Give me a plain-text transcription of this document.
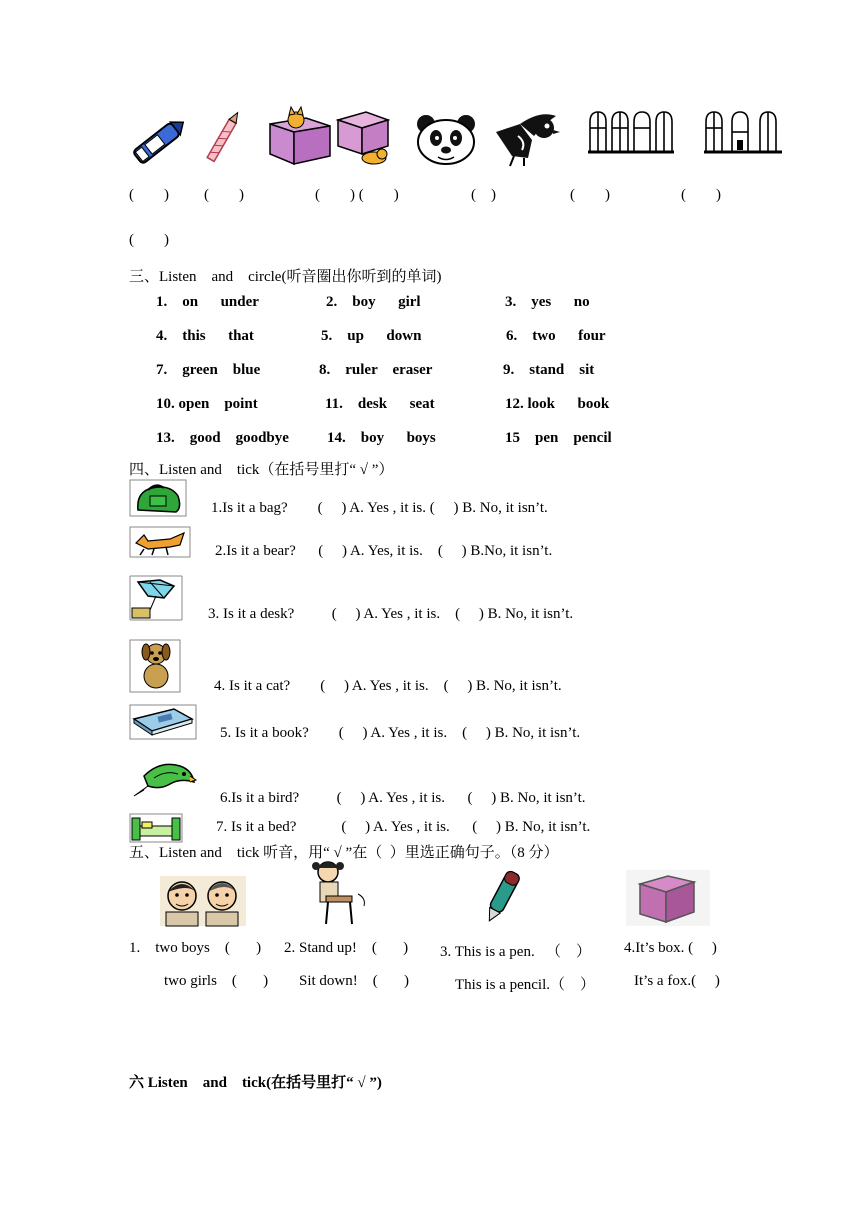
(        ) (        )	(        ) (        )	(    )	(        )	(        )
(        )
三、Listen    and    circle(听音圈出你听到的单词)
1.    on      under	2.    boy      girl	3.    yes      no
4.    this      that	5.    up      down	6.    two      four
7.    green    blue	8.    ruler    eraser	9.    stand    sit
10. open    point	11.    desk      seat	12. look      book
13.    good    goodbye	14.    boy      boys	15    pen    pencil
四、Listen and    tick（在括号里打“ √ ”）
1.Is it a bag?        (     ) A. Yes , it is. (     ) B. No, it isn’t.
2.Is it a bear?      (     ) A. Yes, it is.    (     ) B.No, it isn’t.
3. Is it a desk?          (     ) A. Yes , it is.    (     ) B. No, it isn’t.
4. Is it a cat?        (     ) A. Yes , it is.    (     ) B. No, it isn’t.
5. Is it a book?        (     ) A. Yes , it is.    (     ) B. No, it isn’t.
6.Is it a bird?          (     ) A. Yes , it is.      (     ) B. No, it isn’t.
7. Is it a bed?            (     ) A. Yes , it is.      (     ) B. No, it isn’t.
五、Listen and    tick 听音，用“ √ ”在（  ）里选正确句子。（8 分）
1.    two boys    (       ) 2. Stand up!    (       ) 3. This is a pen.   （    ） 4.It’s box. (     )
two girls    (       ) Sit down!    (       )	This is a pencil.（    ）	It’s a fox.(     )
六 Listen    and    tick(在括号里打“ √ ”)
